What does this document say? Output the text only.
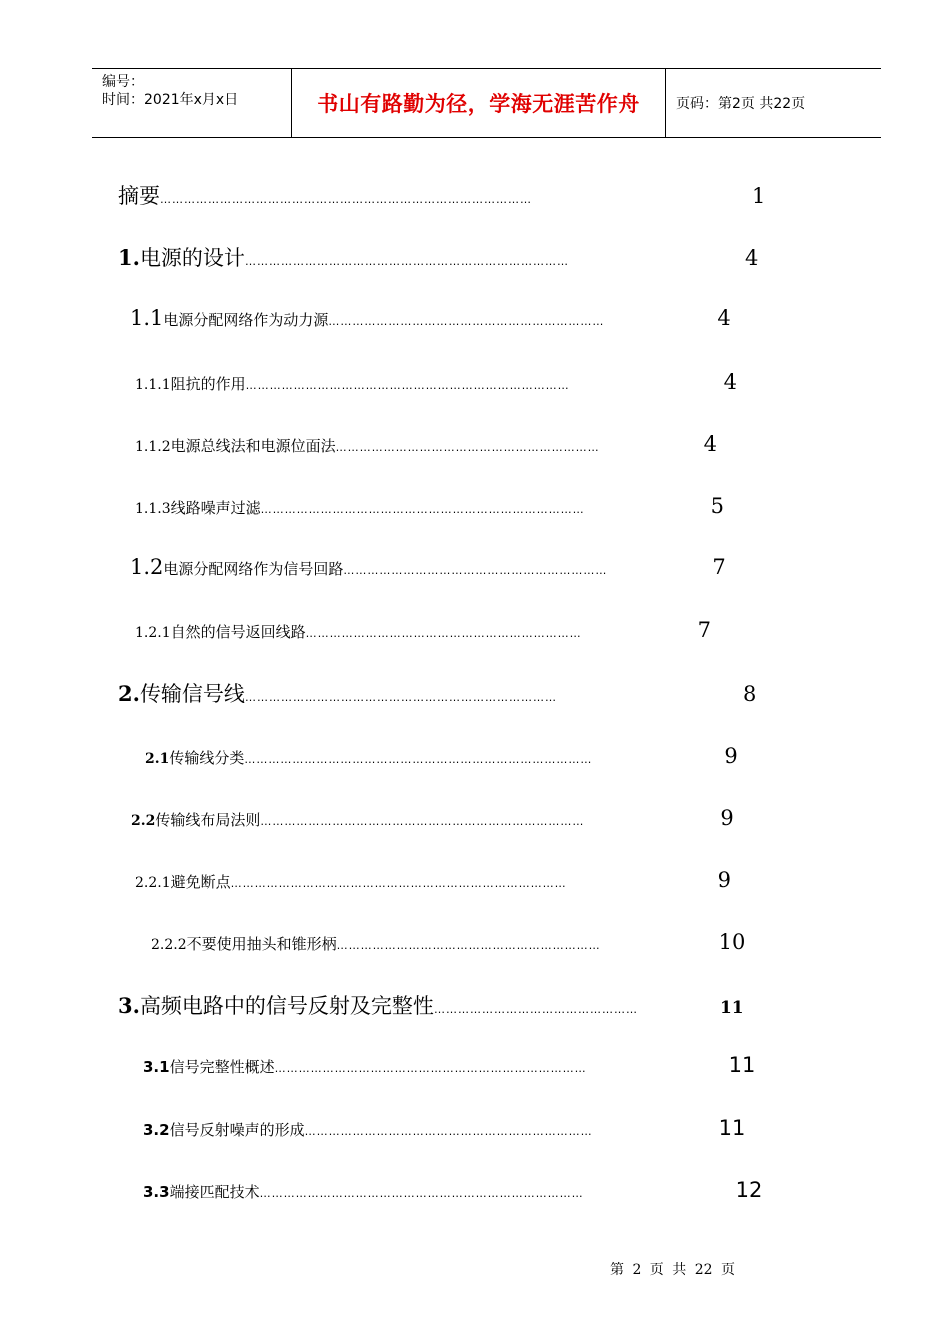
编号：
时间：2021年x月x日	书山有路勤为径，学海无涯苦作舟	页码：第2页 共22页
摘要 …………………………………………………………………………………	1
1. 电源的设计 ………………………………………………………………………	4
1.1 电源分配网络作为动力源 ……………………………………………………………	4
1.1.1 阻抗的作用 ………………………………………………………………………	4
1.1.2 电源总线法和电源位面法 …………………………………………………………	4
1.1.3 线路噪声过滤 ………………………………………………………………………	5
1.2 电源分配网络作为信号回路 …………………………………………………………	7
1.2.1 自然的信号返回线路 ……………………………………………………………	7
2. 传输信号线 ……………………………………………………………………	8
2.1 传输线分类 ……………………………………………………………………………	9
2.2 传输线布局法则 ………………………………………………………………………	9
2.2.1 避免断点 …………………………………………………………………………	9
2.2.2 不要使用抽头和锥形柄 …………………………………………………………	10
3. 高频电路中的信号反射及完整性 ……………………………………………	11
3.1 信号完整性概述 ……………………………………………………………………	11
3.2 信号反射噪声的形成 ………………………………………………………………	11
3.3 端接匹配技术 ………………………………………………………………………	12
第 2 页 共 22 页
